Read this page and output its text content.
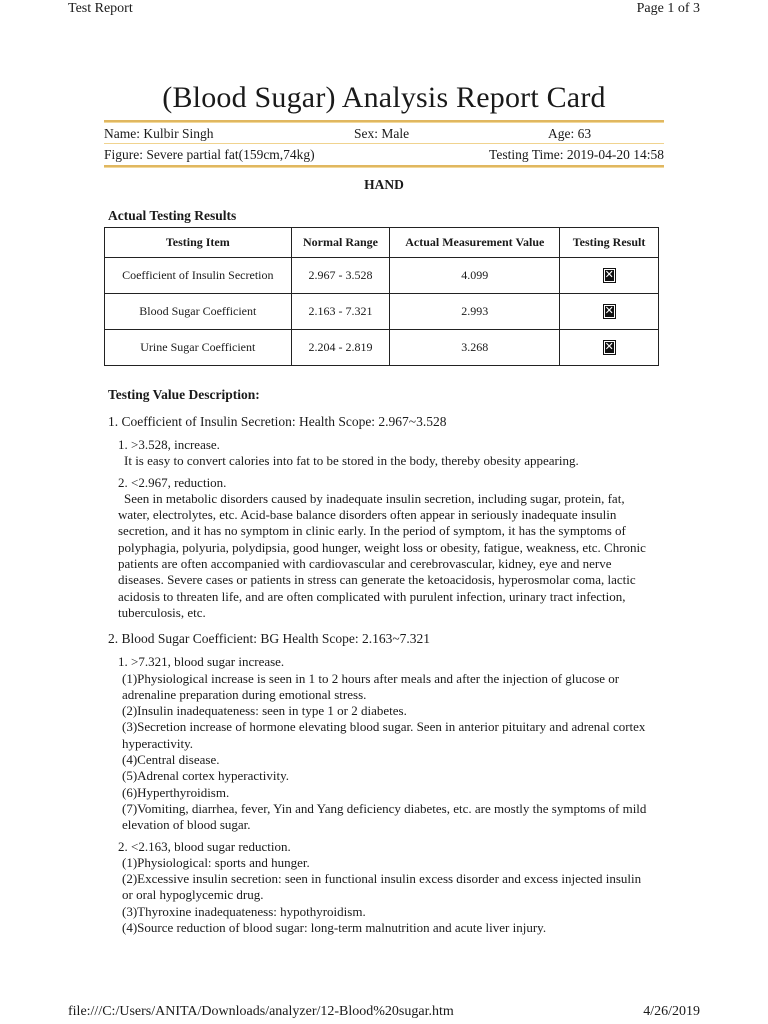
Test Report	Page 1 of 3
(Blood Sugar) Analysis Report Card
Name: Kulbir Singh	Sex: Male	Age: 63
Figure: Severe partial fat(159cm,74kg)	Testing Time: 2019-04-20 14:58
HAND
Actual Testing Results
Testing Item	Normal Range	Actual Measurement Value	Testing Result
Coefficient of Insulin Secretion	2.967 - 3.528	4.099	✕
Blood Sugar Coefficient	2.163 - 7.321	2.993	✕
Urine Sugar Coefficient	2.204 - 2.819	3.268	✕
Testing Value Description:
1. Coefficient of Insulin Secretion: Health Scope: 2.967~3.528

1. >3.528, increase.

It is easy to convert calories into fat to be stored in the body, thereby obesity appearing.

2. <2.967, reduction.

Seen in metabolic disorders caused by inadequate insulin secretion, including sugar, protein, fat, water, electrolytes, etc. Acid-base balance disorders often appear in seriously inadequate insulin secretion, and it has no symptom in clinic early. In the period of symptom, it has the symptoms of polyphagia, polyuria, polydipsia, good hunger, weight loss or obesity, fatigue, weakness, etc. Chronic patients are often accompanied with cardiovascular and cerebrovascular, kidney, eye and nerve diseases. Severe cases or patients in stress can generate the ketoacidosis, hyperosmolar coma, lactic acidosis to threaten life, and are often complicated with purulent infection, urinary tract infection, tuberculosis, etc.

2. Blood Sugar Coefficient: BG Health Scope: 2.163~7.321

1. >7.321, blood sugar increase.

(1)Physiological increase is seen in 1 to 2 hours after meals and after the injection of glucose or adrenaline preparation during emotional stress.

(2)Insulin inadequateness: seen in type 1 or 2 diabetes.

(3)Secretion increase of hormone elevating blood sugar. Seen in anterior pituitary and adrenal cortex hyperactivity.

(4)Central disease.

(5)Adrenal cortex hyperactivity.

(6)Hyperthyroidism.

(7)Vomiting, diarrhea, fever, Yin and Yang deficiency diabetes, etc. are mostly the symptoms of mild elevation of blood sugar.

2. <2.163, blood sugar reduction.

(1)Physiological: sports and hunger.

(2)Excessive insulin secretion: seen in functional insulin excess disorder and excess injected insulin or oral hypoglycemic drug.

(3)Thyroxine inadequateness: hypothyroidism.

(4)Source reduction of blood sugar: long-term malnutrition and acute liver injury.

file:///C:/Users/ANITA/Downloads/analyzer/12-Blood%20sugar.htm	4/26/2019
